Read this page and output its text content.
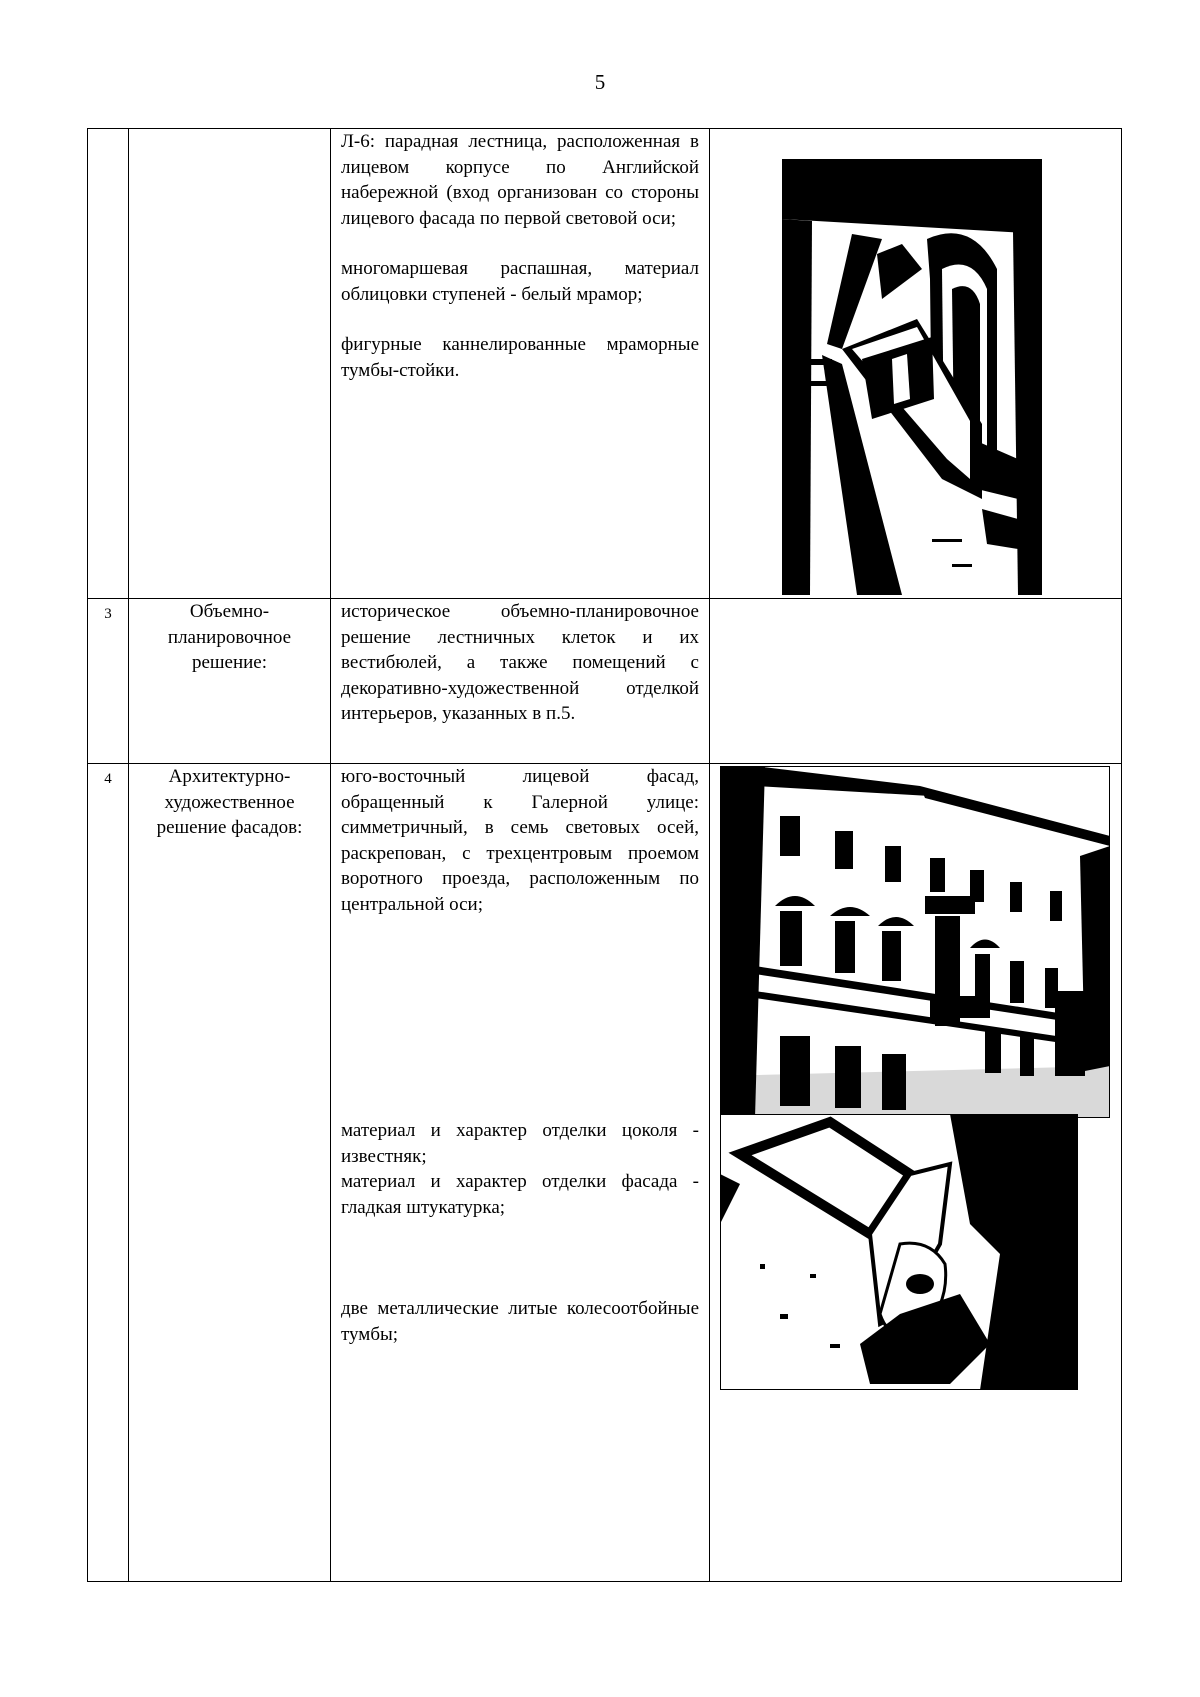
5

		Л-6: парадная лестница, расположенная в лицевом корпусе по Английской набережной (вход организован со стороны лицевого фасада по первой световой оси;

многомаршевая распашная, материал облицовки ступеней - белый мрамор;

фигурные каннелированные мраморные тумбы-стойки.

3	Объемно-планировочное решение:	историческое объемно-планировочное решение лестничных клеток и их вестибюлей, а также помещений с декоративно-художественной отделкой интерьеров, указанных в п.5.	

4	Архитектурно-художественное решение фасадов:	юго-восточный лицевой фасад, обращенный к Галерной улице: симметричный, в семь световых осей, раскрепован, с трехцентровым проемом воротного проезда, расположенным по центральной оси;

материал и характер отделки цоколя - известняк;

материал и характер отделки фасада - гладкая штукатурка;

две металлические литые колесоотбойные тумбы;
